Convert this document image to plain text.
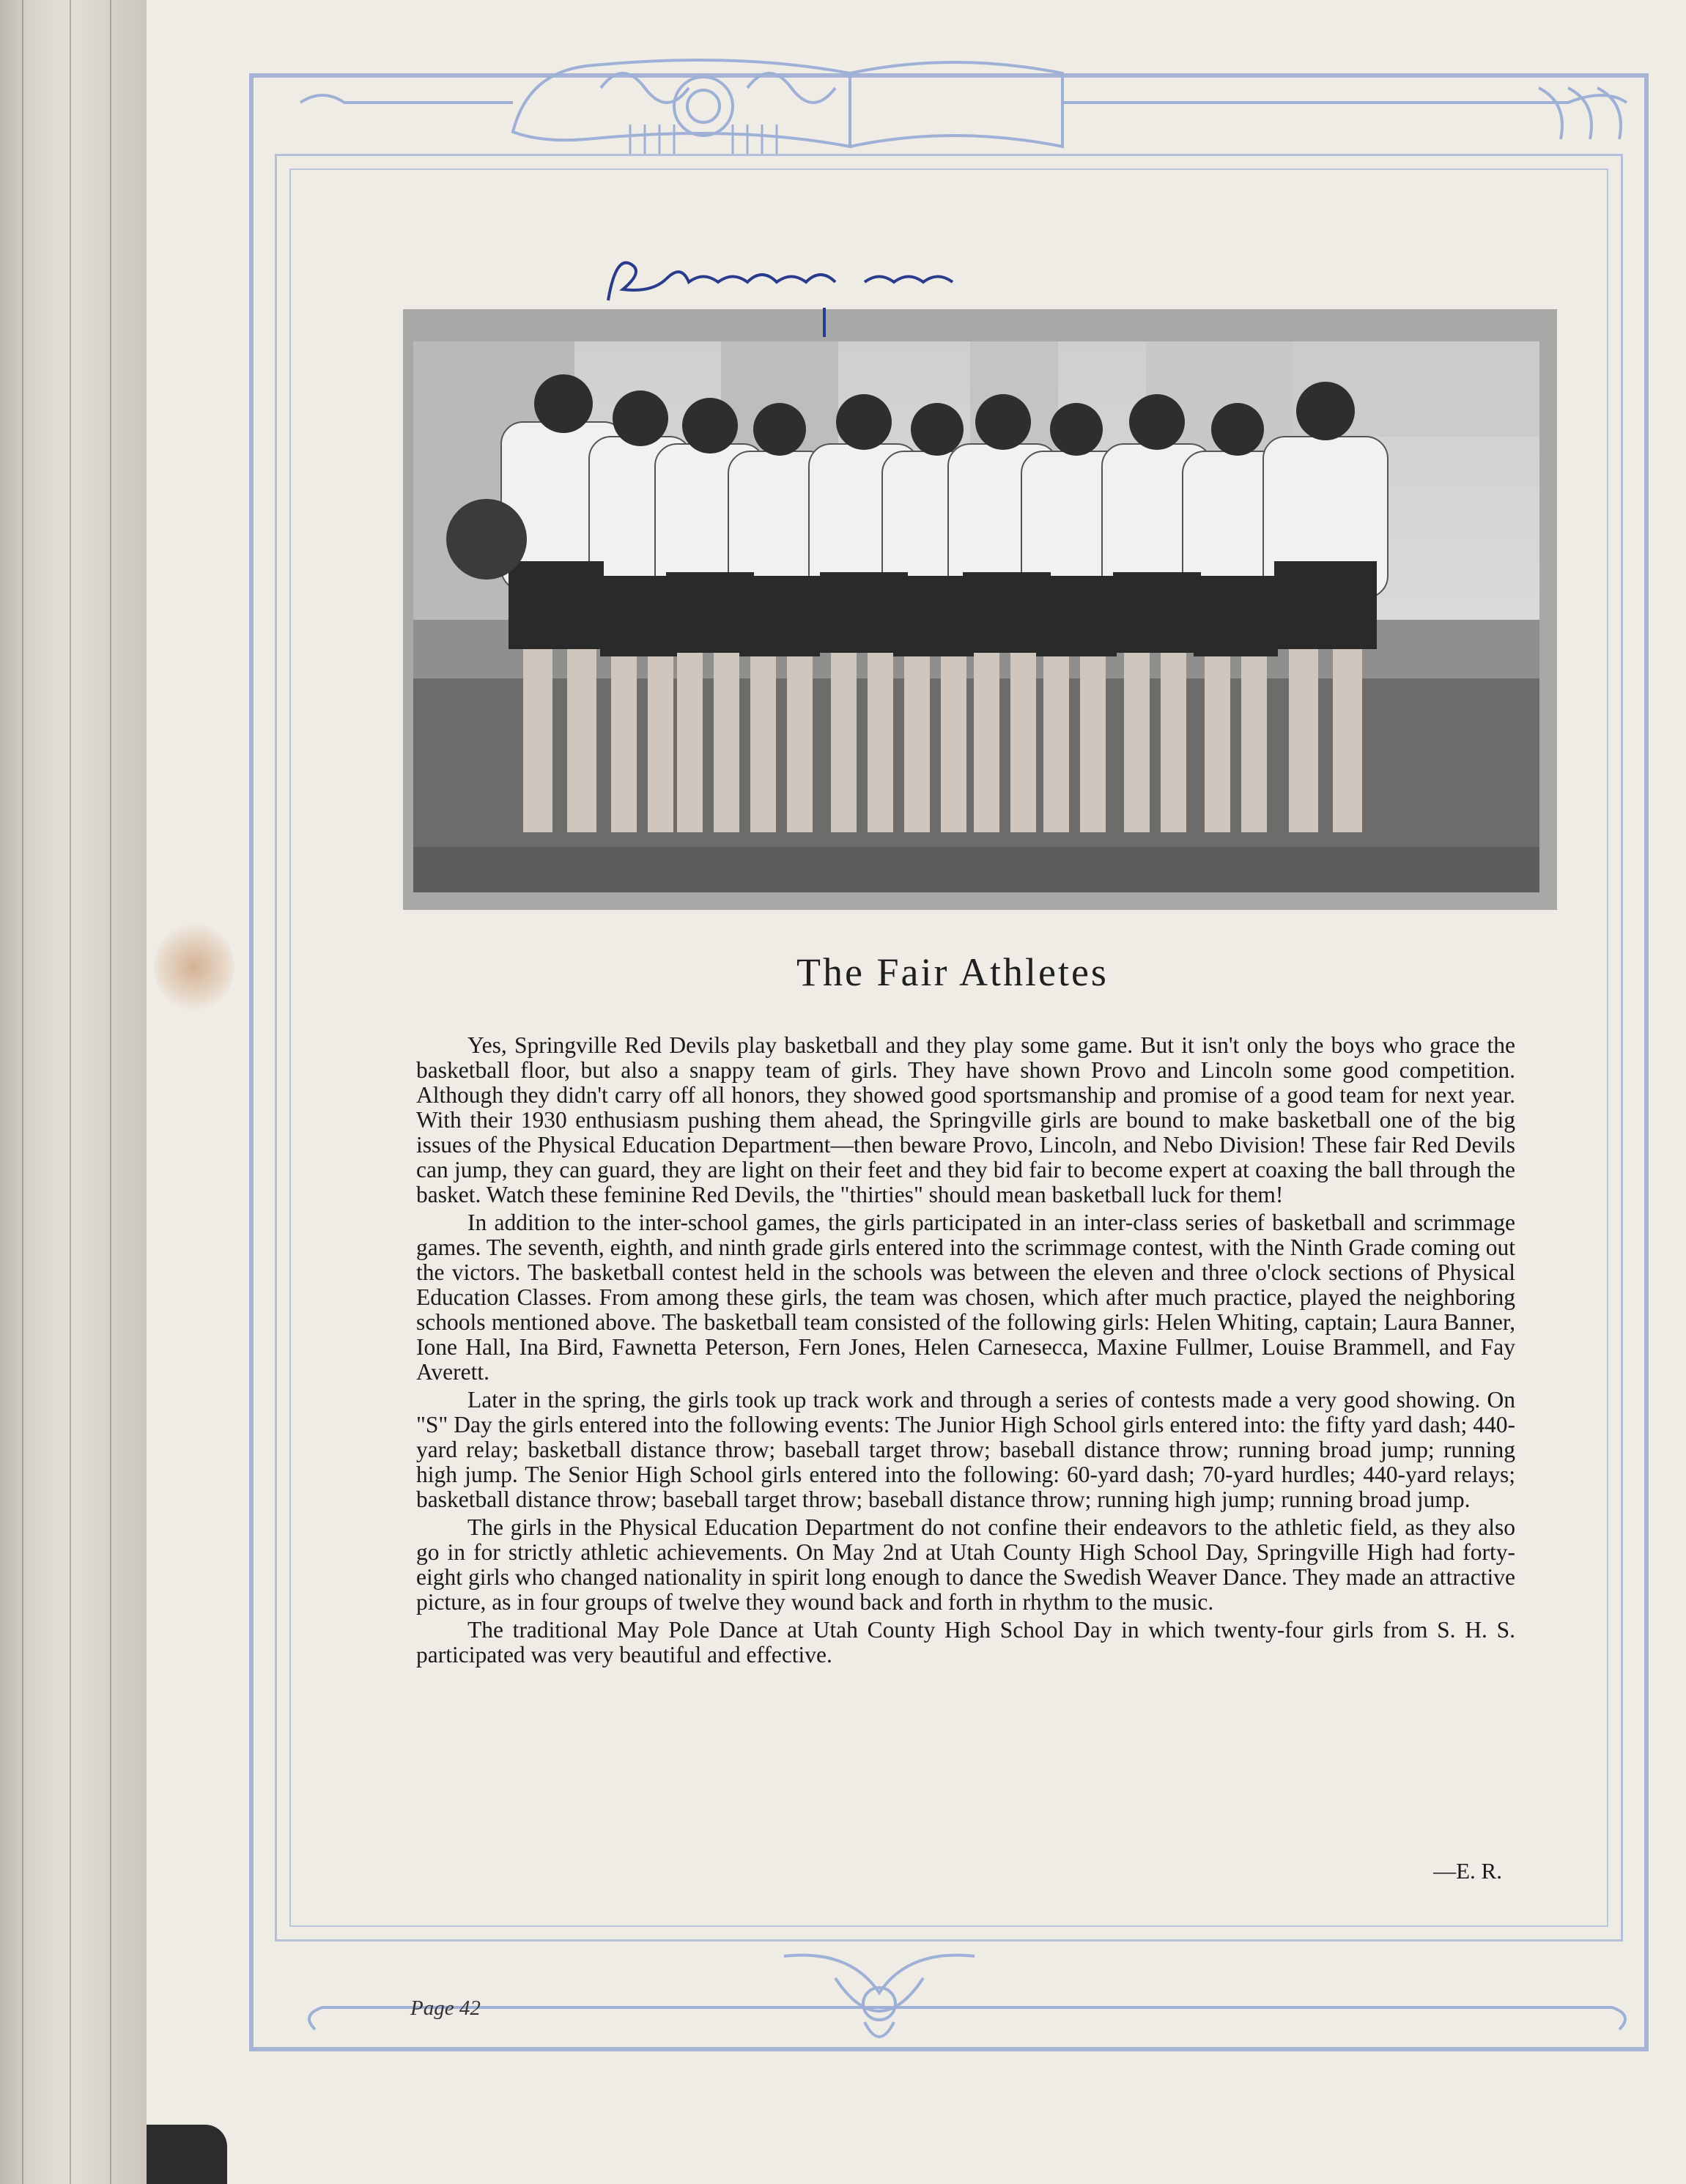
The Fair Athletes

Yes, Springville Red Devils play basketball and they play some game. But it isn't only the boys who grace the basketball floor, but also a snappy team of girls. They have shown Provo and Lincoln some good competition. Although they didn't carry off all honors, they showed good sportsmanship and promise of a good team for next year. With their 1930 enthusiasm pushing them ahead, the Springville girls are bound to make basketball one of the big issues of the Physical Education Department—then beware Provo, Lincoln, and Nebo Division! These fair Red Devils can jump, they can guard, they are light on their feet and they bid fair to become expert at coaxing the ball through the basket. Watch these feminine Red Devils, the "thirties" should mean basketball luck for them!

In addition to the inter-school games, the girls participated in an inter-class series of basketball and scrimmage games. The seventh, eighth, and ninth grade girls entered into the scrimmage contest, with the Ninth Grade coming out the victors. The basketball contest held in the schools was between the eleven and three o'clock sections of Physical Education Classes. From among these girls, the team was chosen, which after much practice, played the neighboring schools mentioned above. The basketball team consisted of the following girls: Helen Whiting, captain; Laura Banner, Ione Hall, Ina Bird, Fawnetta Peterson, Fern Jones, Helen Carnesecca, Maxine Fullmer, Louise Brammell, and Fay Averett.

Later in the spring, the girls took up track work and through a series of contests made a very good showing. On "S" Day the girls entered into the following events: The Junior High School girls entered into: the fifty yard dash; 440-yard relay; basketball distance throw; baseball target throw; baseball distance throw; running broad jump; running high jump. The Senior High School girls entered into the following: 60-yard dash; 70-yard hurdles; 440-yard relays; basketball distance throw; baseball target throw; baseball distance throw; running high jump; running broad jump.

The girls in the Physical Education Department do not confine their endeavors to the athletic field, as they also go in for strictly athletic achievements. On May 2nd at Utah County High School Day, Springville High had forty-eight girls who changed nationality in spirit long enough to dance the Swedish Weaver Dance. They made an attractive picture, as in four groups of twelve they wound back and forth in rhythm to the music.

The traditional May Pole Dance at Utah County High School Day in which twenty-four girls from S. H. S. participated was very beautiful and effective.

—E. R.
Page 42
